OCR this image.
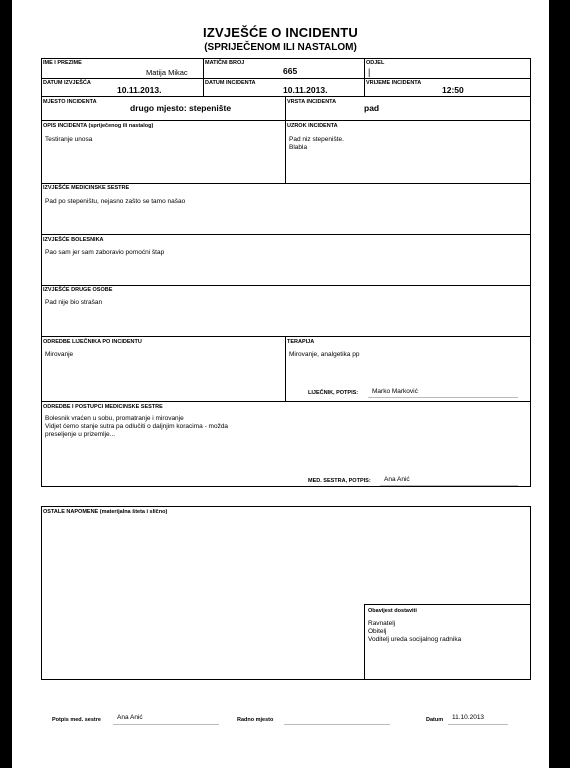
IZVJEŠĆE O INCIDENTU
(SPRIJEČENOM ILI NASTALOM)
IME I PREZIME
Matija Mikac
MATIČNI BROJ
665
ODJEL
|
DATUM IZVJEŠĆA
10.11.2013.
DATUM INCIDENTA
10.11.2013.
VRIJEME INCIDENTA
12:50
MJESTO INCIDENTA
drugo mjesto: stepenište
VRSTA INCIDENTA
pad
OPIS INCIDENTA (spriječenog ili nastalog)
Testiranje unosa
UZROK INCIDENTA
Pad niz stepenište.
Blabla
IZVJEŠĆE MEDICINSKE SESTRE
Pad po stepeništu, nejasno zašto se tamo našao
IZVJEŠĆE BOLESNIKA
Pao sam jer sam zaboravio pomoćni štap
IZVJEŠĆE DRUGE OSOBE
Pad nije bio strašan
ODREDBE LIJEČNIKA PO INCIDENTU
Mirovanje
TERAPIJA
Mirovanje, analgetika pp
LIJEČNIK, POTPIS: Marko Marković
ODREDBE I POSTUPCI MEDICINSKE SESTRE
Bolesnik vraćen u sobu, promatranje i mirovanje
Vidjet ćemo stanje sutra pa odlučiti o daljnjim koracima - možda
preseljenje u prizemlje...
MED. SESTRA, POTPIS: Ana Anić
OSTALE NAPOMENE (materijalna šteta i slično)
Obavijest dostaviti
Ravnatelj
Obitelj
Voditelj ureda socijalnog radnika
Potpis med. sestre Ana Anić	Radno mjesto	Datum 11.10.2013
